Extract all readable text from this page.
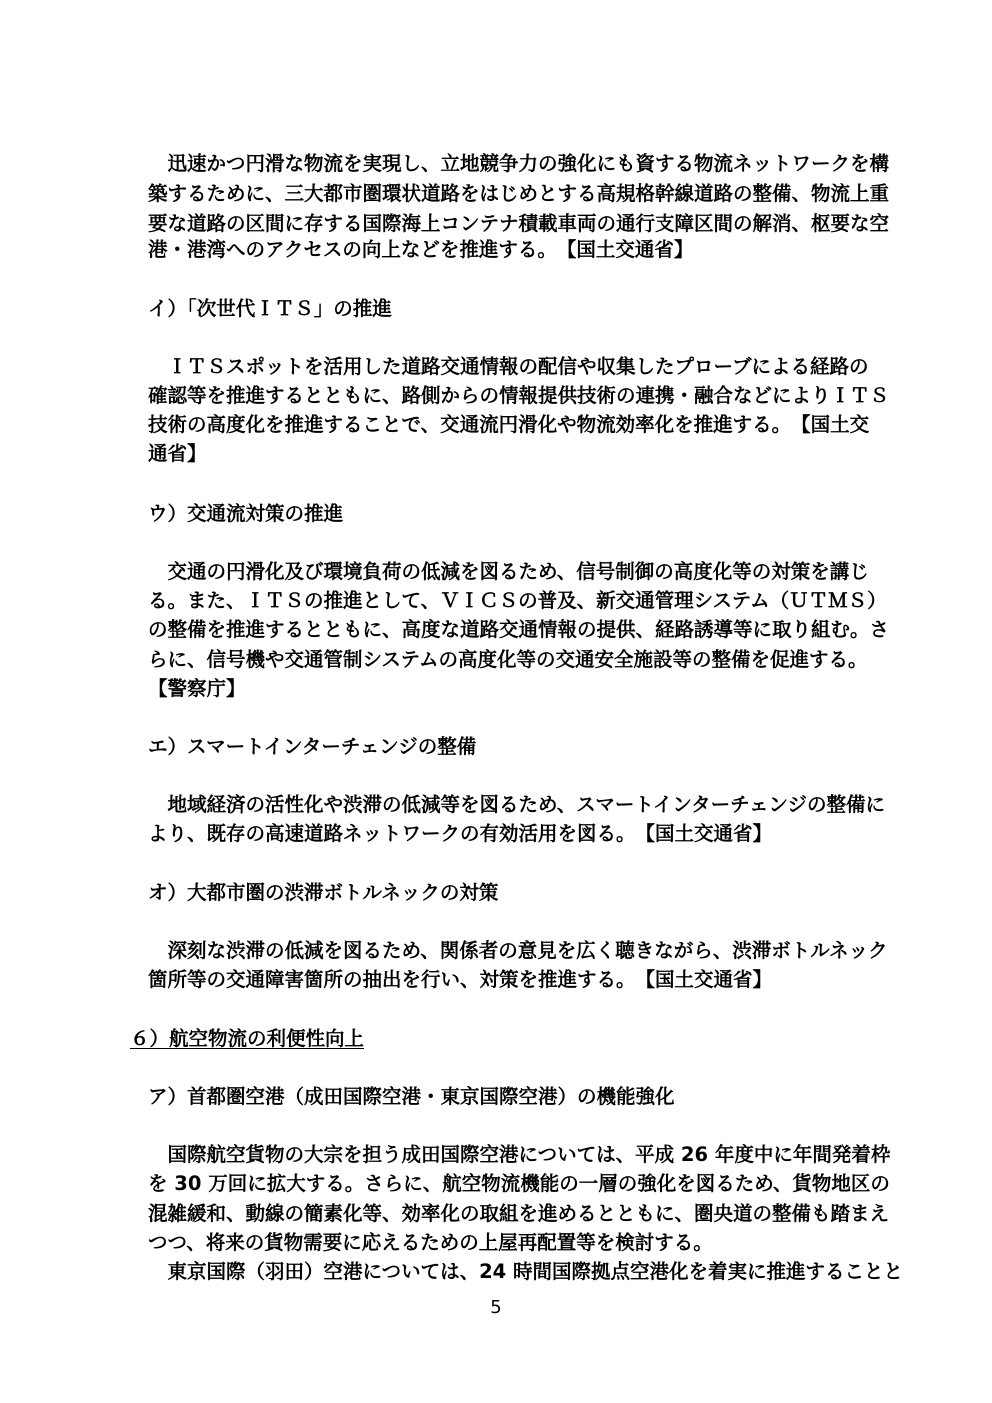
　迅速かつ円滑な物流を実現し、立地競争力の強化にも資する物流ネットワークを構
築するために、三大都市圏環状道路をはじめとする高規格幹線道路の整備、物流上重
要な道路の区間に存する国際海上コンテナ積載車両の通行支障区間の解消、枢要な空
港・港湾へのアクセスの向上などを推進する。　【国土交通省】
イ）「次世代ＩＴＳ」の推進
　ＩＴＳスポットを活用した道路交通情報の配信や収集したプローブによる経路の
確認等を推進するとともに、路側からの情報提供技術の連携・融合などによりＩＴＳ
技術の高度化を推進することで、交通流円滑化や物流効率化を推進する。　【国土交
通省】
ウ）交通流対策の推進
　交通の円滑化及び環境負荷の低減を図るため、信号制御の高度化等の対策を講じ
る。また、ＩＴＳの推進として、ＶＩＣＳの普及、新交通管理システム（ＵＴＭＳ）
の整備を推進するとともに、高度な道路交通情報の提供、経路誘導等に取り組む。さ
らに、信号機や交通管制システムの高度化等の交通安全施設等の整備を促進する。
【警察庁】
エ）スマートインターチェンジの整備
　地域経済の活性化や渋滞の低減等を図るため、スマートインターチェンジの整備に
より、既存の高速道路ネットワークの有効活用を図る。　【国土交通省】
オ）大都市圏の渋滞ボトルネックの対策
　深刻な渋滞の低減を図るため、関係者の意見を広く聴きながら、渋滞ボトルネック
箇所等の交通障害箇所の抽出を行い、対策を推進する。　【国土交通省】
６）航空物流の利便性向上
ア）首都圏空港（成田国際空港・東京国際空港）の機能強化
　国際航空貨物の大宗を担う成田国際空港については、平成 26 年度中に年間発着枠
を 30 万回に拡大する。さらに、航空物流機能の一層の強化を図るため、貨物地区の
混雑緩和、動線の簡素化等、効率化の取組を進めるとともに、圏央道の整備も踏まえ
つつ、将来の貨物需要に応えるための上屋再配置等を検討する。
　東京国際（羽田）空港については、24 時間国際拠点空港化を着実に推進することと
5
